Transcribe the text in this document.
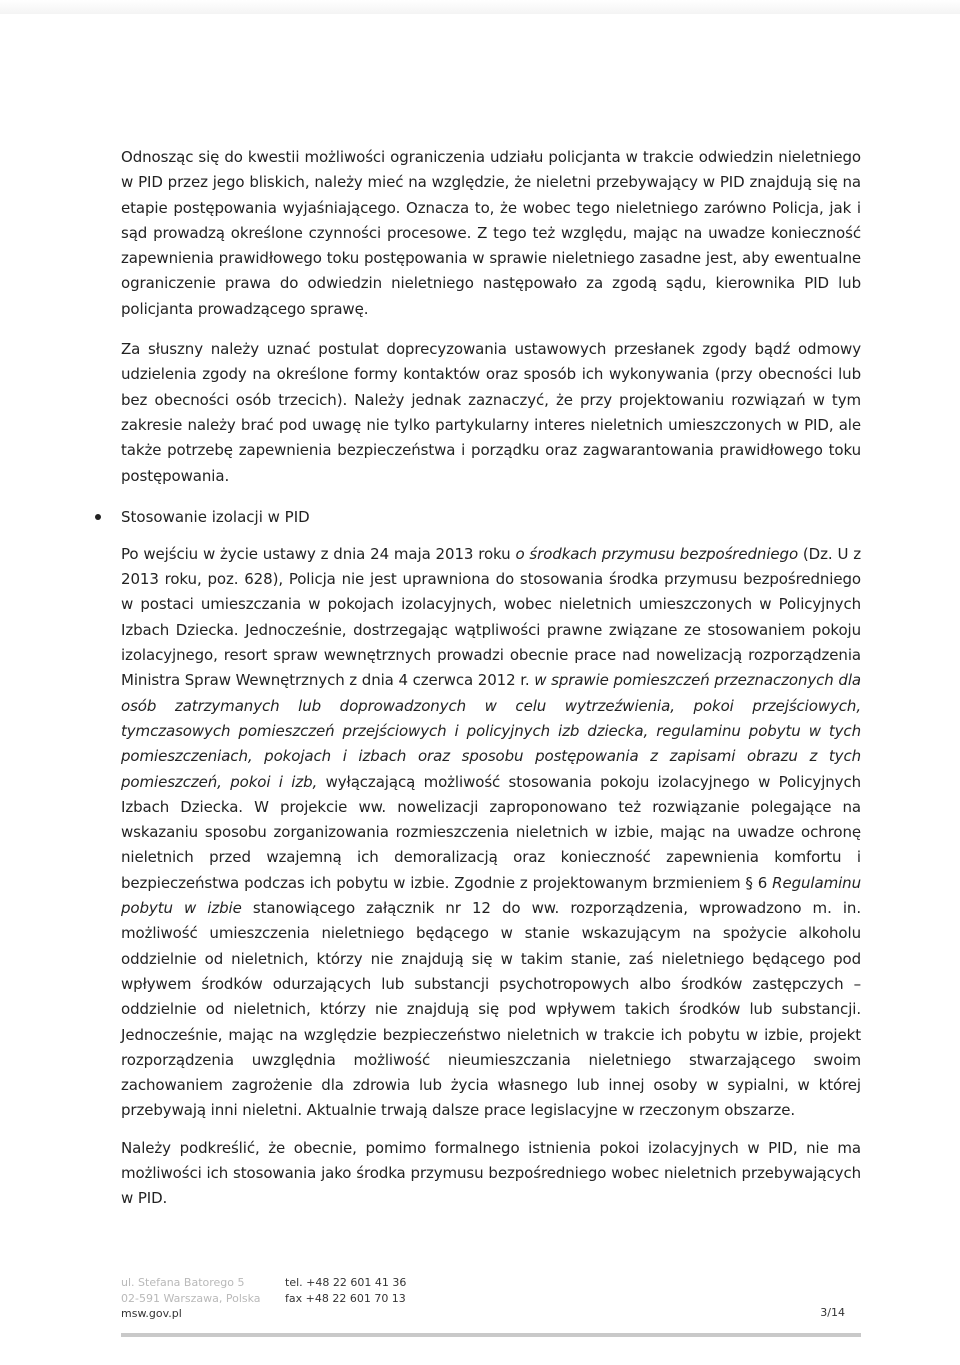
Odnosząc się do kwestii możliwości ograniczenia udziału policjanta w trakcie odwiedzin nieletniego w PID przez jego bliskich, należy mieć na względzie, że nieletni przebywający w PID znajdują się na etapie postępowania wyjaśniającego. Oznacza to, że wobec tego nieletniego zarówno Policja, jak i sąd prowadzą określone czynności procesowe. Z tego też względu, mając na uwadze konieczność zapewnienia prawidłowego toku postępowania w sprawie nieletniego zasadne jest, aby ewentualne ograniczenie prawa do odwiedzin nieletniego następowało za zgodą sądu, kierownika PID lub policjanta prowadzącego sprawę.

Za słuszny należy uznać postulat doprecyzowania ustawowych przesłanek zgody bądź odmowy udzielenia zgody na określone formy kontaktów oraz sposób ich wykonywania (przy obecności lub bez obecności osób trzecich). Należy jednak zaznaczyć, że przy projektowaniu rozwiązań w tym zakresie należy brać pod uwagę nie tylko partykularny interes nieletnich umieszczonych w PID, ale także potrzebę zapewnienia bezpieczeństwa i porządku oraz zagwarantowania prawidłowego toku postępowania.

Stosowanie izolacji w PID

Po wejściu w życie ustawy z dnia 24 maja 2013 roku o środkach przymusu bezpośredniego (Dz. U z 2013 roku, poz. 628), Policja nie jest uprawniona do stosowania środka przymusu bezpośredniego w postaci umieszczania w pokojach izolacyjnych, wobec nieletnich umieszczonych w Policyjnych Izbach Dziecka. Jednocześnie, dostrzegając wątpliwości prawne związane ze stosowaniem pokoju izolacyjnego, resort spraw wewnętrznych prowadzi obecnie prace nad nowelizacją rozporządzenia Ministra Spraw Wewnętrznych z dnia 4 czerwca 2012 r. w sprawie pomieszczeń przeznaczonych dla osób zatrzymanych lub doprowadzonych w celu wytrzeźwienia, pokoi przejściowych, tymczasowych pomieszczeń przejściowych i policyjnych izb dziecka, regulaminu pobytu w tych pomieszczeniach, pokojach i izbach oraz sposobu postępowania z zapisami obrazu z tych pomieszczeń, pokoi i izb, wyłączającą możliwość stosowania pokoju izolacyjnego w Policyjnych Izbach Dziecka. W projekcie ww. nowelizacji zaproponowano też rozwiązanie polegające na wskazaniu sposobu zorganizowania rozmieszczenia nieletnich w izbie, mając na uwadze ochronę nieletnich przed wzajemną ich demoralizacją oraz konieczność zapewnienia komfortu i bezpieczeństwa podczas ich pobytu w izbie. Zgodnie z projektowanym brzmieniem § 6 Regulaminu pobytu w izbie stanowiącego załącznik nr 12 do ww. rozporządzenia, wprowadzono m. in. możliwość umieszczenia nieletniego będącego w stanie wskazującym na spożycie alkoholu oddzielnie od nieletnich, którzy nie znajdują się w takim stanie, zaś nieletniego będącego pod wpływem środków odurzających lub substancji psychotropowych albo środków zastępczych – oddzielnie od nieletnich, którzy nie znajdują się pod wpływem takich środków lub substancji. Jednocześnie, mając na względzie bezpieczeństwo nieletnich w trakcie ich pobytu w izbie, projekt rozporządzenia uwzględnia możliwość nieumieszczania nieletniego stwarzającego swoim zachowaniem zagrożenie dla zdrowia lub życia własnego lub innej osoby w sypialni, w której przebywają inni nieletni. Aktualnie trwają dalsze prace legislacyjne w rzeczonym obszarze.

Należy podkreślić, że obecnie, pomimo formalnego istnienia pokoi izolacyjnych w PID, nie ma możliwości ich stosowania jako środka przymusu bezpośredniego wobec nieletnich przebywających w PID.

ul. Stefana Batorego 5
02-591 Warszawa, Polska
msw.gov.pl
tel. +48 22 601 41 36
fax +48 22 601 70 13
3/14
